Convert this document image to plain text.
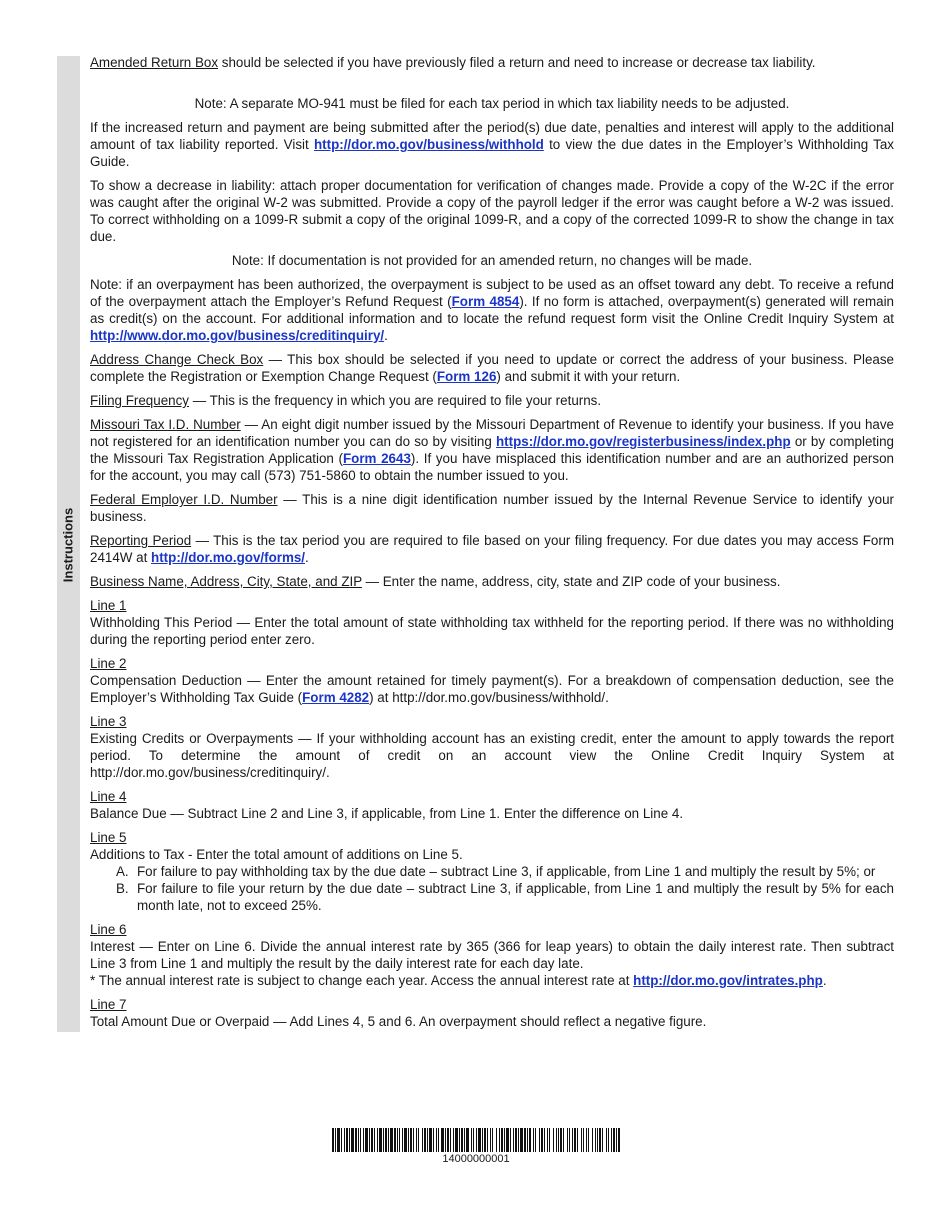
Instructions

Amended Return Box should be selected if you have previously filed a return and need to increase or decrease tax liability.

Note: A separate MO-941 must be filed for each tax period in which tax liability needs to be adjusted.

If the increased return and payment are being submitted after the period(s) due date, penalties and interest will apply to the additional amount of tax liability reported. Visit http://dor.mo.gov/business/withhold to view the due dates in the Employer’s Withholding Tax Guide.

To show a decrease in liability: attach proper documentation for verification of changes made. Provide a copy of the W-2C if the error was caught after the original W-2 was submitted. Provide a copy of the payroll ledger if the error was caught before a W-2 was issued. To correct withholding on a 1099-R submit a copy of the original 1099-R, and a copy of the corrected 1099-R to show the change in tax due.

Note: If documentation is not provided for an amended return, no changes will be made.

Note: if an overpayment has been authorized, the overpayment is subject to be used as an offset toward any debt. To receive a refund of the overpayment attach the Employer’s Refund Request (Form 4854). If no form is attached, overpayment(s) generated will remain as credit(s) on the account. For additional information and to locate the refund request form visit the Online Credit Inquiry System at http://www.dor.mo.gov/business/creditinquiry/.

Address Change Check Box — This box should be selected if you need to update or correct the address of your business. Please complete the Registration or Exemption Change Request (Form 126) and submit it with your return.

Filing Frequency — This is the frequency in which you are required to file your returns.

Missouri Tax I.D. Number — An eight digit number issued by the Missouri Department of Revenue to identify your business. If you have not registered for an identification number you can do so by visiting https://dor.mo.gov/registerbusiness/index.php or by completing the Missouri Tax Registration Application (Form 2643). If you have misplaced this identification number and are an authorized person for the account, you may call (573) 751-5860 to obtain the number issued to you.

Federal Employer I.D. Number — This is a nine digit identification number issued by the Internal Revenue Service to identify your business.

Reporting Period — This is the tax period you are required to file based on your filing frequency. For due dates you may access Form 2414W at http://dor.mo.gov/forms/.

Business Name, Address, City, State, and ZIP — Enter the name, address, city, state and ZIP code of your business.

Line 1
Withholding This Period — Enter the total amount of state withholding tax withheld for the reporting period. If there was no withholding during the reporting period enter zero.

Line 2
Compensation Deduction — Enter the amount retained for timely payment(s). For a breakdown of compensation deduction, see the Employer’s Withholding Tax Guide (Form 4282) at http://dor.mo.gov/business/withhold/.

Line 3
Existing Credits or Overpayments — If your withholding account has an existing credit, enter the amount to apply towards the report period. To determine the amount of credit on an account view the Online Credit Inquiry System at http://dor.mo.gov/business/creditinquiry/.

Line 4
Balance Due — Subtract Line 2 and Line 3, if applicable, from Line 1. Enter the difference on Line 4.

Line 5
Additions to Tax - Enter the total amount of additions on Line 5.
A. For failure to pay withholding tax by the due date – subtract Line 3, if applicable, from Line 1 and multiply the result by 5%; or
B. For failure to file your return by the due date – subtract Line 3, if applicable, from Line 1 and multiply the result by 5% for each month late, not to exceed 25%.

Line 6
Interest — Enter on Line 6. Divide the annual interest rate by 365 (366 for leap years) to obtain the daily interest rate. Then subtract Line 3 from Line 1 and multiply the result by the daily interest rate for each day late.
* The annual interest rate is subject to change each year. Access the annual interest rate at http://dor.mo.gov/intrates.php.

Line 7
Total Amount Due or Overpaid — Add Lines 4, 5 and 6. An overpayment should reflect a negative figure.

14000000001
